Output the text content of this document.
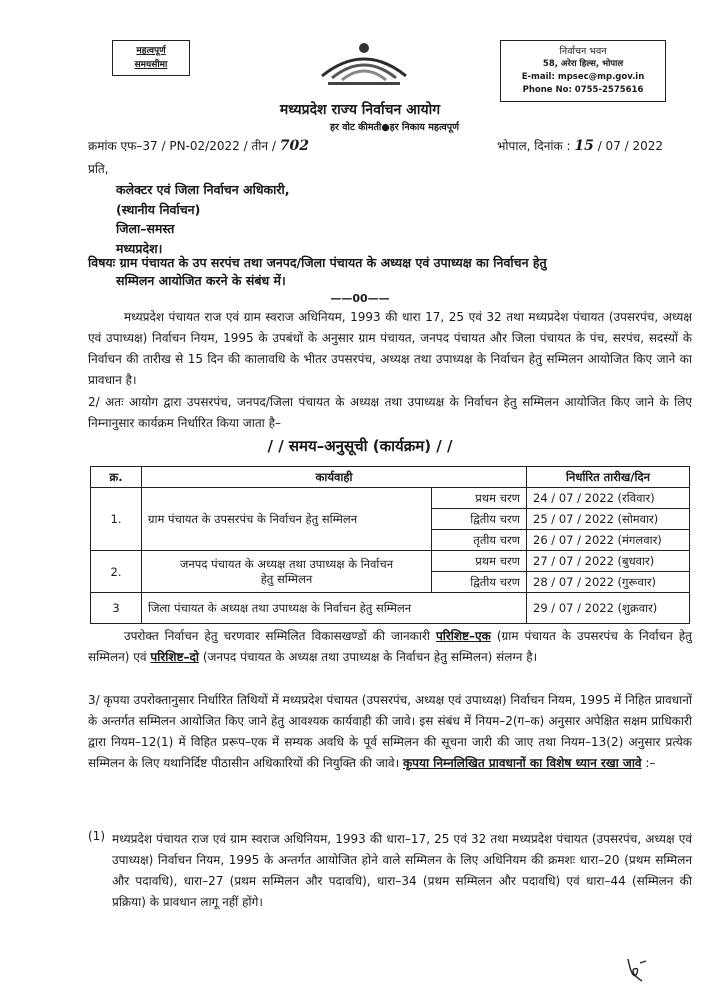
महत्वपूर्ण
समयसीमा
निर्वाचन भवन
58, अरेरा हिल्स, भोपाल
E-mail: mpsec@mp.gov.in
Phone No: 0755-2575616
मध्यप्रदेश राज्य निर्वाचन आयोग
हर वोट कीमती●हर निकाय महत्वपूर्ण
क्रमांक एफ–37 / PN-02/2022 / तीन / 702	भोपाल, दिनांक : 15 / 07 / 2022
प्रति,
कलेक्टर एवं जिला निर्वाचन अधिकारी,
(स्थानीय निर्वाचन)
जिला–समस्त
मध्यप्रदेश।
विषयः ग्राम पंचायत के उप सरपंच तथा जनपद/जिला पंचायत के अध्यक्ष एवं उपाध्यक्ष का निर्वाचन हेतु
सम्मिलन आयोजित करने के संबंध में।
——00——
मध्यप्रदेश पंचायत राज एवं ग्राम स्वराज अधिनियम, 1993 की धारा 17, 25 एवं 32 तथा मध्यप्रदेश पंचायत (उपसरपंच, अध्यक्ष एवं उपाध्यक्ष) निर्वाचन नियम, 1995 के उपबंधों के अनुसार ग्राम पंचायत, जनपद पंचायत और जिला पंचायत के पंच, सरपंच, सदस्यों के निर्वाचन की तारीख से 15 दिन की कालावधि के भीतर उपसरपंच, अध्यक्ष तथा उपाध्यक्ष के निर्वाचन हेतु सम्मिलन आयोजित किए जाने का प्रावधान है।
2/ अतः आयोग द्वारा उपसरपंच, जनपद/जिला पंचायत के अध्यक्ष तथा उपाध्यक्ष के निर्वाचन हेतु सम्मिलन आयोजित किए जाने के लिए निम्नानुसार कार्यक्रम निर्धारित किया जाता है–
/ / समय–अनुसूची (कार्यक्रम) / /
क्र.	कार्यवाही		निर्धारित तारीख/दिन
1.	ग्राम पंचायत के उपसरपंच के निर्वाचन हेतु सम्मिलन	प्रथम चरण	24 / 07 / 2022 (रविवार)
		द्वितीय चरण	25 / 07 / 2022 (सोमवार)
		तृतीय चरण	26 / 07 / 2022 (मंगलवार)
2.	जनपद पंचायत के अध्यक्ष तथा उपाध्यक्ष के निर्वाचन
हेतु सम्मिलन	प्रथम चरण	27 / 07 / 2022 (बुधवार)
		द्वितीय चरण	28 / 07 / 2022 (गुरूवार)
3	जिला पंचायत के अध्यक्ष तथा उपाध्यक्ष के निर्वाचन हेतु सम्मिलन		29 / 07 / 2022 (शुक्रवार)
उपरोक्त निर्वाचन हेतु चरणवार सम्मिलित विकासखण्डों की जानकारी परिशिष्ट–एक (ग्राम पंचायत के उपसरपंच के निर्वाचन हेतु सम्मिलन) एवं परिशिष्ट–दो (जनपद पंचायत के अध्यक्ष तथा उपाध्यक्ष के निर्वाचन हेतु सम्मिलन) संलग्न है।
3/ कृपया उपरोक्तानुसार निर्धारित तिथियों में मध्यप्रदेश पंचायत (उपसरपंच, अध्यक्ष एवं उपाध्यक्ष) निर्वाचन नियम, 1995 में निहित प्रावधानों के अन्तर्गत सम्मिलन आयोजित किए जाने हेतु आवश्यक कार्यवाही की जावे। इस संबंध में नियम–2(ग–क) अनुसार अपेक्षित सक्षम प्राधिकारी द्वारा नियम–12(1) में विहित प्ररूप–एक में सम्यक अवधि के पूर्व सम्मिलन की सूचना जारी की जाए तथा नियम–13(2) अनुसार प्रत्येक सम्मिलन के लिए यथानिर्दिष्ट पीठासीन अधिकारियों की नियुक्ति की जावे। कृपया निम्नलिखित प्रावधानों का विशेष ध्यान रखा जावे :–
(1) मध्यप्रदेश पंचायत राज एवं ग्राम स्वराज अधिनियम, 1993 की धारा–17, 25 एवं 32 तथा मध्यप्रदेश पंचायत (उपसरपंच, अध्यक्ष एवं उपाध्यक्ष) निर्वाचन नियम, 1995 के अन्तर्गत आयोजित होने वाले सम्मिलन के लिए अधिनियम की क्रमशः धारा–20 (प्रथम सम्मिलन और पदावधि), धारा–27 (प्रथम सम्मिलन और पदावधि), धारा–34 (प्रथम सम्मिलन और पदावधि) एवं धारा–44 (सम्मिलन की प्रक्रिया) के प्रावधान लागू नहीं होंगे।
